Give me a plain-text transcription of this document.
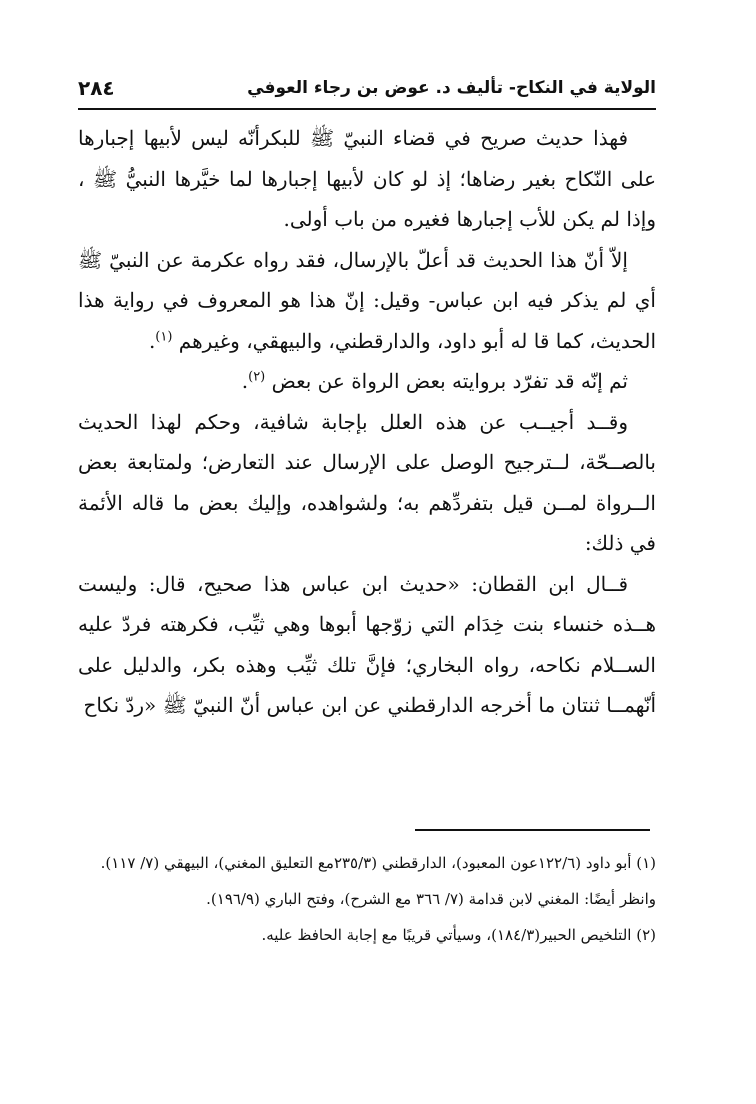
الولاية في النكاح- تأليف د. عوض بن رجاء العوفي
٢٨٤

فهذا حديث صريح في قضاء النبيّ ﷺ للبكرأنّه ليس لأبيها إجبارها على النّكاح بغير رضاها؛ إذ لو كان لأبيها إجبارها لما خيَّرها النبيُّ ﷺ ، وإذا لم يكن للأب إجبارها فغيره من باب أولى.

إلاّ أنّ هذا الحديث قد أعلّ بالإرسال، فقد رواه عكرمة عن النبيّ ﷺ أي لم يذكر فيه ابن عباس- وقيل: إنّ هذا هو المعروف في رواية هذا الحديث، كما قا له أبو داود، والدارقطني، والبيهقي، وغيرهم $^{(١)}$.

ثم إنّه قد تفرّد بروايته بعض الرواة عن بعض $^{(٢)}$.

وقــد أجيــب عن هذه العلل بإجابة شافية، وحكم لهذا الحديث بالصــحّة، لــترجيح الوصل على الإرسال عند التعارض؛ ولمتابعة بعض الــرواة لمــن قيل بتفردِّهم به؛ ولشواهده، وإليك بعض ما قاله الأئمة في ذلك:

قــال ابن القطان: «حديث ابن عباس هذا صحيح، قال: وليست هــذه خنساء بنت خِدَام التي زوّجها أبوها وهي ثيِّب، فكرهته فردّ عليه الســلام نكاحه، رواه البخاري؛ فإنَّ تلك ثيِّب وهذه بكر، والدليل على أنّهمــا ثنتان ما أخرجه الدارقطني عن ابن عباس أنّ النبيّ ﷺ «ردّ نكاح

(١) أبو داود (١٢٢/٦عون المعبود)، الدارقطني (٢٣٥/٣مع التعليق المغني)، البيهقي (٧/ ١١٧).

وانظر أيضًا: المغني لابن قدامة (٧/ ٣٦٦ مع الشرح)، وفتح الباري (١٩٦/٩).

(٢) التلخيص الحبير(١٨٤/٣)، وسيأتي قريبًا مع إجابة الحافظ عليه.
